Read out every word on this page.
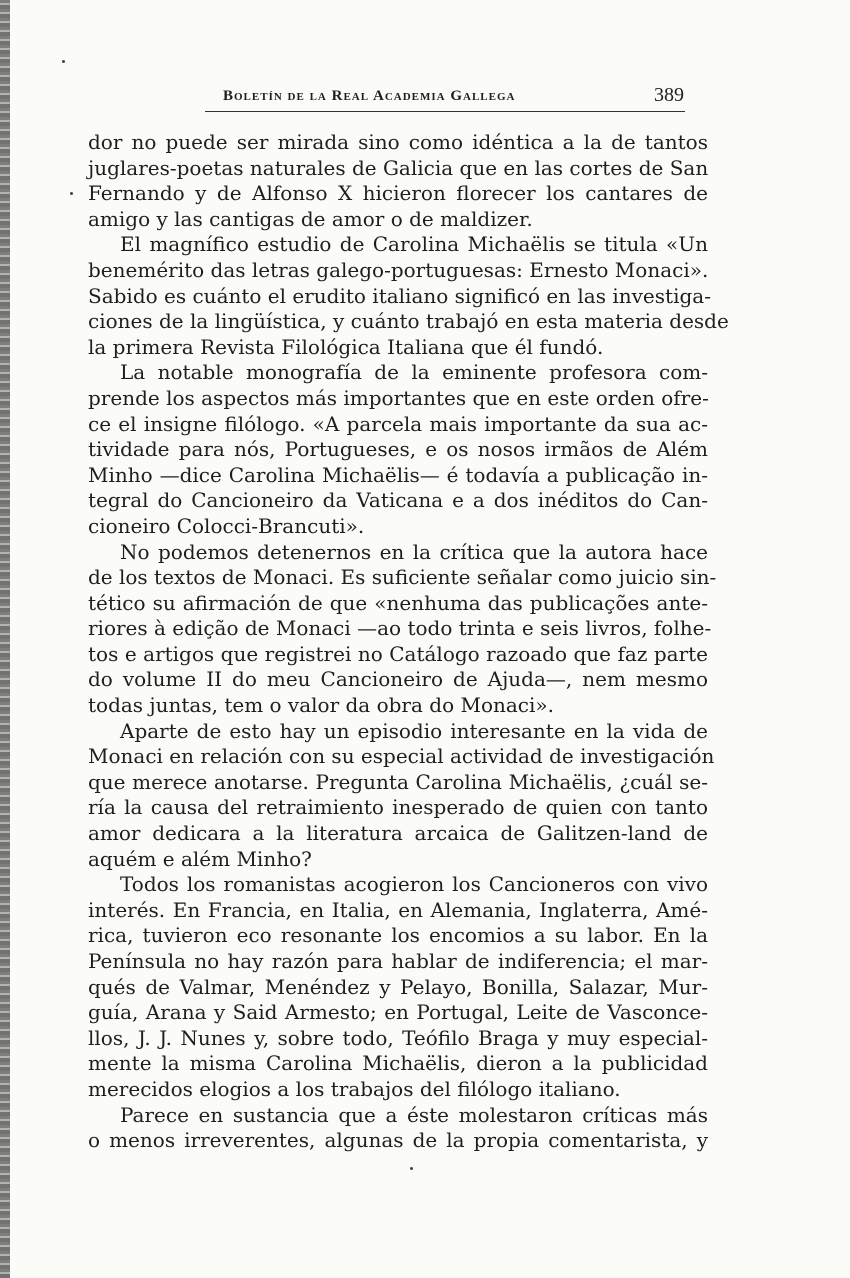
Boletín de la Real Academia Gallega	389
dor no puede ser mirada sino como idéntica a la de tantos
juglares-poetas naturales de Galicia que en las cortes de San
Fernando y de Alfonso X hicieron florecer los cantares de
amigo y las cantigas de amor o de maldizer.
El magnífico estudio de Carolina Michaëlis se titula «Un
benemérito das letras galego-portuguesas: Ernesto Monaci».
Sabido es cuánto el erudito italiano significó en las investiga-
ciones de la lingüística, y cuánto trabajó en esta materia desde
la primera Revista Filológica Italiana que él fundó.
La notable monografía de la eminente profesora com-
prende los aspectos más importantes que en este orden ofre-
ce el insigne filólogo. «A parcela mais importante da sua ac-
tividade para nós, Portugueses, e os nosos irmãos de Além
Minho —dice Carolina Michaëlis— é todavía a publicação in-
tegral do Cancioneiro da Vaticana e a dos inéditos do Can-
cioneiro Colocci-Brancuti».
No podemos detenernos en la crítica que la autora hace
de los textos de Monaci. Es suficiente señalar como juicio sin-
tético su afirmación de que «nenhuma das publicações ante-
riores à edição de Monaci —ao todo trinta e seis livros, folhe-
tos e artigos que registrei no Catálogo razoado que faz parte
do volume II do meu Cancioneiro de Ajuda—, nem mesmo
todas juntas, tem o valor da obra do Monaci».
Aparte de esto hay un episodio interesante en la vida de
Monaci en relación con su especial actividad de investigación
que merece anotarse. Pregunta Carolina Michaëlis, ¿cuál se-
ría la causa del retraimiento inesperado de quien con tanto
amor dedicara a la literatura arcaica de Galitzen-land de
aquém e além Minho?
Todos los romanistas acogieron los Cancioneros con vivo
interés. En Francia, en Italia, en Alemania, Inglaterra, Amé-
rica, tuvieron eco resonante los encomios a su labor. En la
Península no hay razón para hablar de indiferencia; el mar-
qués de Valmar, Menéndez y Pelayo, Bonilla, Salazar, Mur-
guía, Arana y Said Armesto; en Portugal, Leite de Vasconce-
llos, J. J. Nunes y, sobre todo, Teófilo Braga y muy especial-
mente la misma Carolina Michaëlis, dieron a la publicidad
merecidos elogios a los trabajos del filólogo italiano.
Parece en sustancia que a éste molestaron críticas más
o menos irreverentes, algunas de la propia comentarista, y
